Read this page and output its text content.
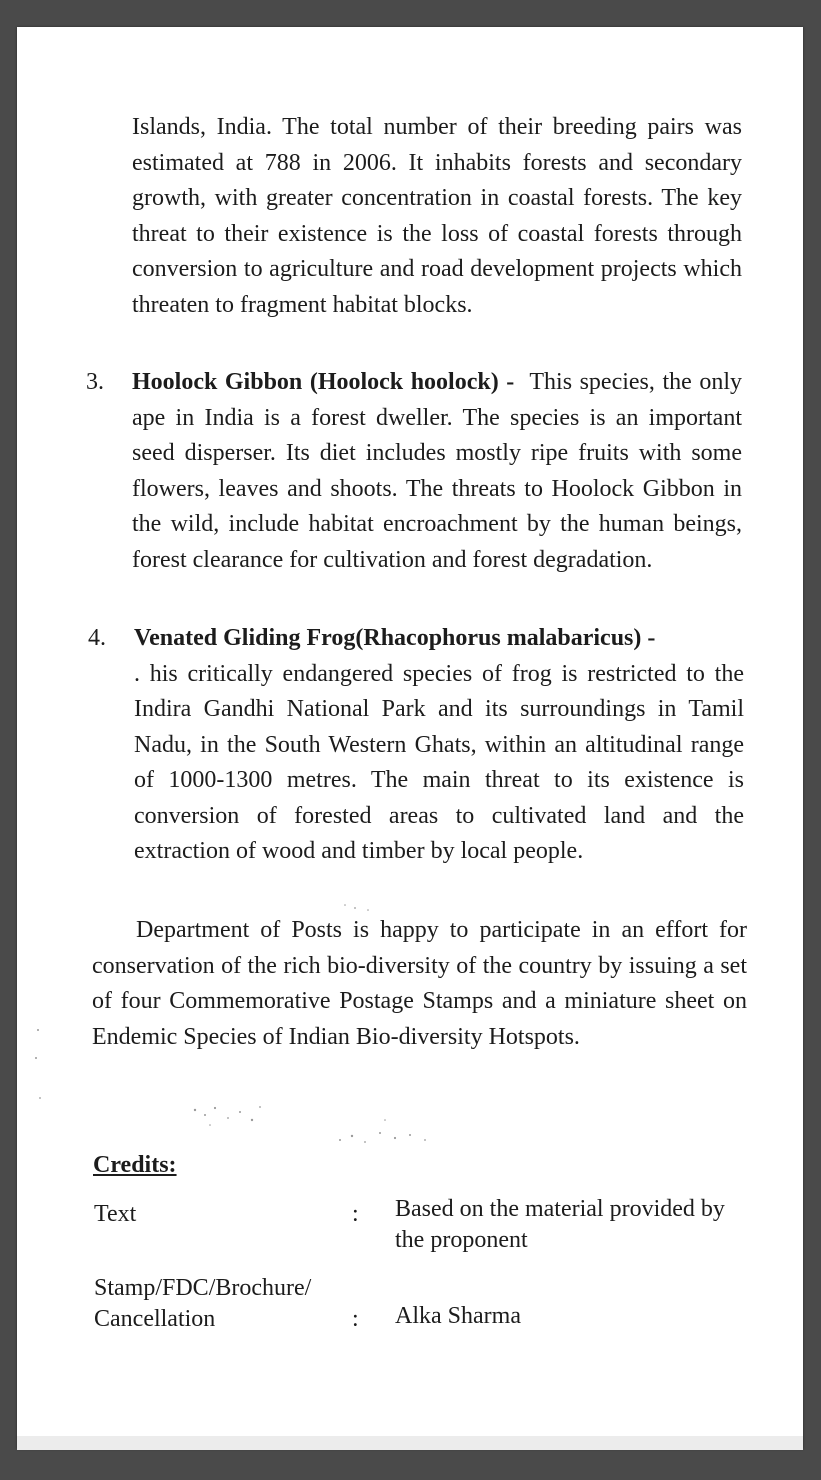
Islands, India. The total number of their breeding pairs was estimated at 788 in 2006. It inhabits forests and secondary growth, with greater concentration in coastal forests. The key threat to their existence is the loss of coastal forests through conversion to agriculture and road development projects which threaten to fragment habitat blocks.
3. Hoolock Gibbon (Hoolock hoolock) - This species, the only ape in India is a forest dweller. The species is an important seed disperser. Its diet includes mostly ripe fruits with some flowers, leaves and shoots. The threats to Hoolock Gibbon in the wild, include habitat encroachment by the human beings, forest clearance for cultivation and forest degradation.
4. Venated Gliding Frog(Rhacophorus malabaricus) -
. his critically endangered species of frog is restricted to the Indira Gandhi National Park and its surroundings in Tamil Nadu, in the South Western Ghats, within an altitudinal range of 1000-1300 metres. The main threat to its existence is conversion of forested areas to cultivated land and the extraction of wood and timber by local people.
Department of Posts is happy to participate in an effort for conservation of the rich bio-diversity of the country by issuing a set of four Commemorative Postage Stamps and a miniature sheet on Endemic Species of Indian Bio-diversity Hotspots.
Credits:
Text	: Based on the material provided by the proponent
Stamp/FDC/Brochure/ Cancellation	: Alka Sharma
